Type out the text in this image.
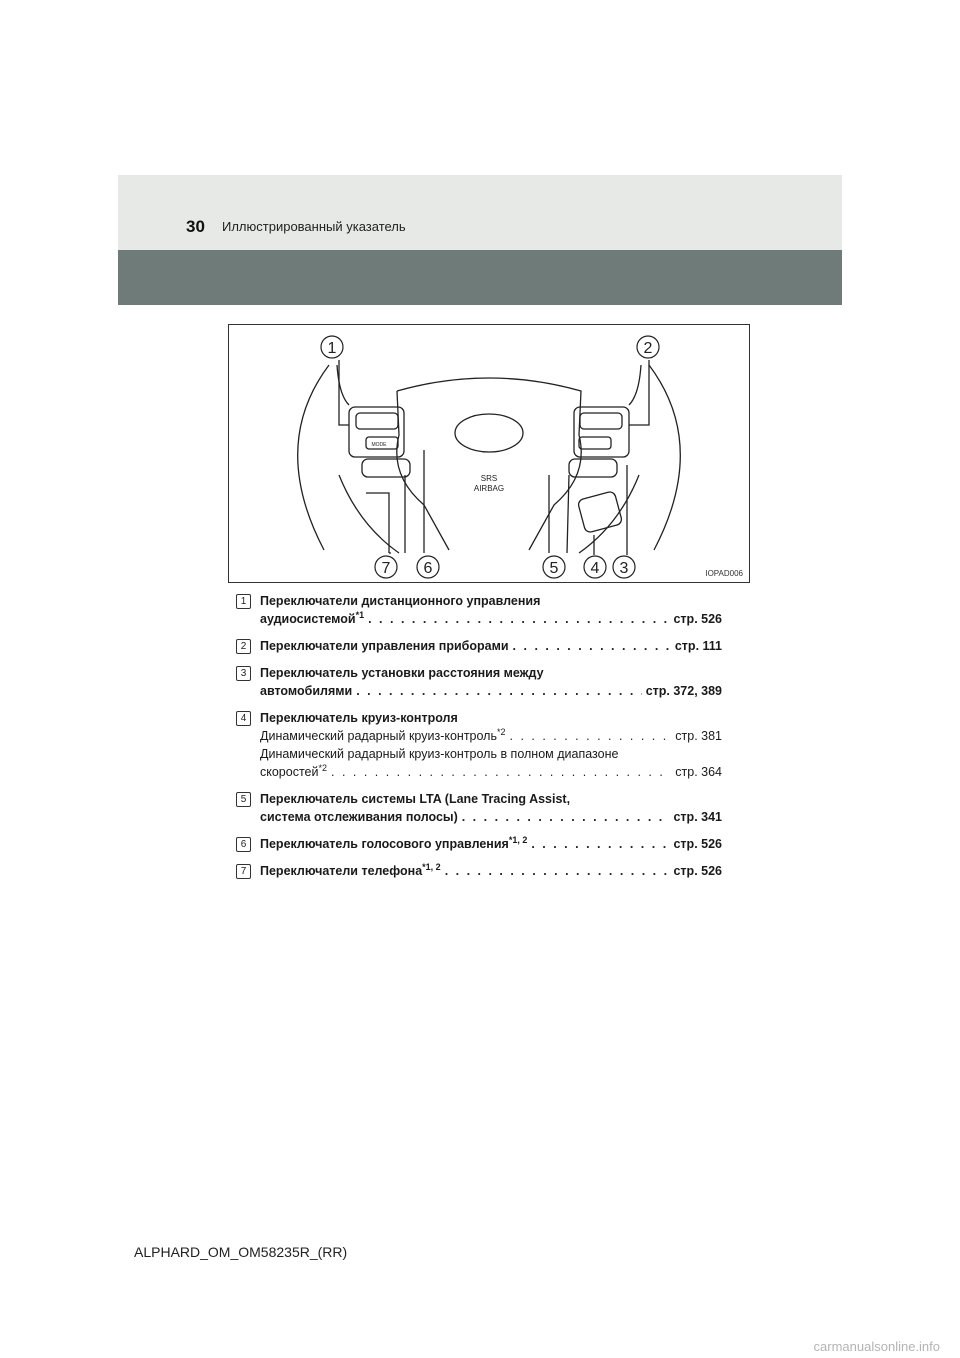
30 Иллюстрированный указатель
SRS
AIRBAG
MODE
1	2
7 6	5 4 3	IOPAD006
1	Переключатели дистанционного управления
аудиосистемой$^{*1}$ . . .	стр. 526
2	Переключатели управления приборами . . .	стр. 111
3	Переключатель установки расстояния между
автомобилями . . .	стр. 372, 389
4	Переключатель круиз-контроля
Динамический радарный круиз-контроль$^{*2}$ . . .	стр. 381
Динамический радарный круиз-контроль в полном диапазоне
скоростей$^{*2}$ . . .	стр. 364
5	Переключатель системы LTA (Lane Tracing Assist,
система отслеживания полосы) . . .	стр. 341
6	Переключатель голосового управления$^{*1, 2}$ . . .	стр. 526
7	Переключатели телефона$^{*1, 2}$ . . .	стр. 526
ALPHARD_OM_OM58235R_(RR)
carmanualsonline.info
